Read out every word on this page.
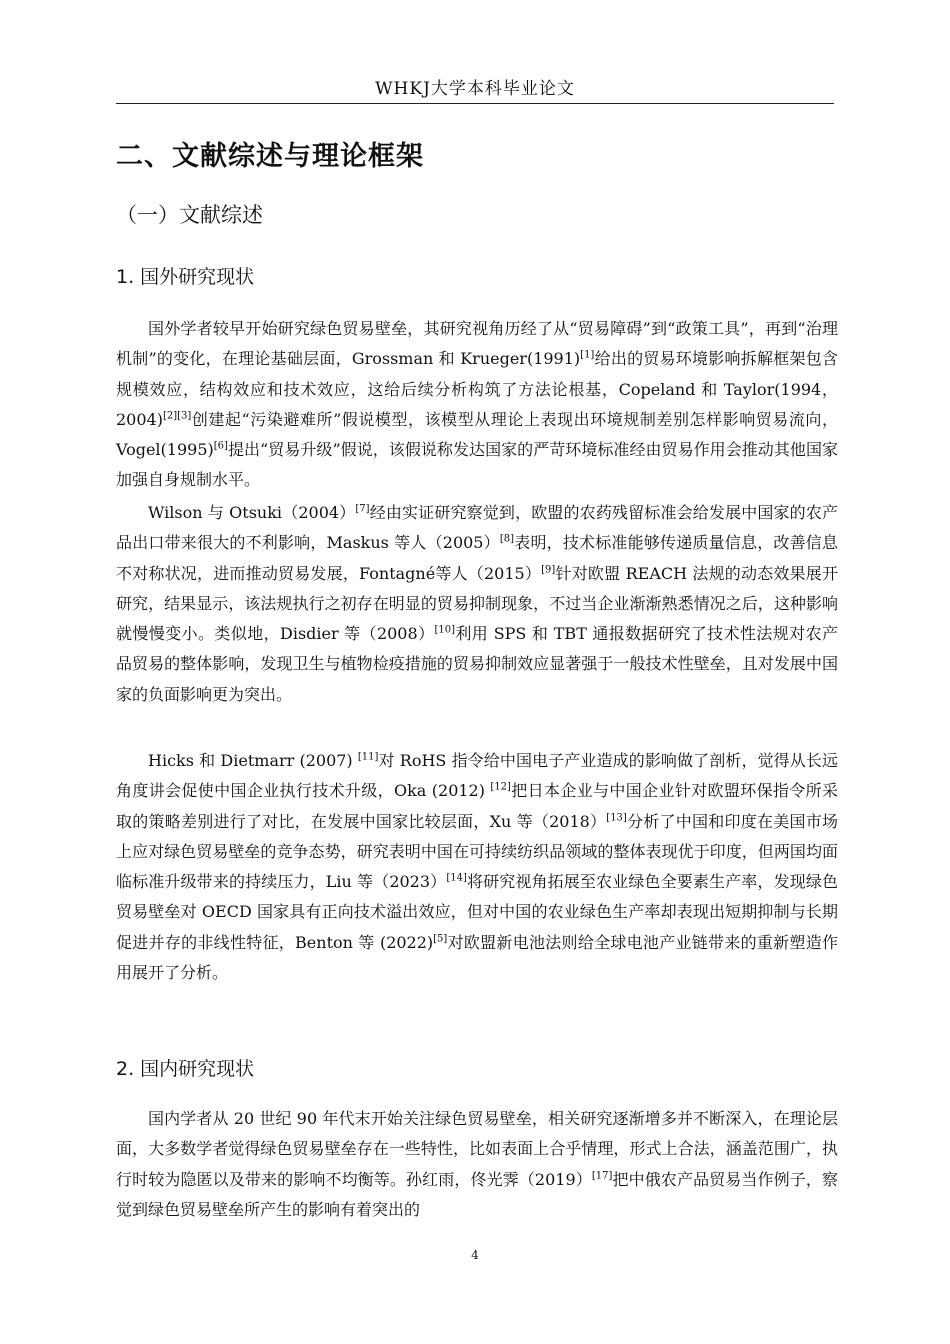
WHKJ大学本科毕业论文
二、文献综述与理论框架
（一）文献综述
1. 国外研究现状
国外学者较早开始研究绿色贸易壁垒，其研究视角历经了从“贸易障碍”到“政策工具”，再到“治理机制”的变化，在理论基础层面，Grossman 和 Krueger(1991)[1]给出的贸易环境影响拆解框架包含规模效应，结构效应和技术效应，这给后续分析构筑了方法论根基，Copeland 和 Taylor(1994，2004)[2][3]创建起“污染避难所”假说模型，该模型从理论上表现出环境规制差别怎样影响贸易流向，Vogel(1995)[6]提出“贸易升级”假说，该假说称发达国家的严苛环境标准经由贸易作用会推动其他国家加强自身规制水平。
Wilson 与 Otsuki（2004）[7]经由实证研究察觉到，欧盟的农药残留标准会给发展中国家的农产品出口带来很大的不利影响，Maskus 等人（2005）[8]表明，技术标准能够传递质量信息，改善信息不对称状况，进而推动贸易发展，Fontagné等人（2015）[9]针对欧盟 REACH 法规的动态效果展开研究，结果显示，该法规执行之初存在明显的贸易抑制现象，不过当企业渐渐熟悉情况之后，这种影响就慢慢变小。类似地，Disdier 等（2008）[10]利用 SPS 和 TBT 通报数据研究了技术性法规对农产品贸易的整体影响，发现卫生与植物检疫措施的贸易抑制效应显著强于一般技术性壁垒，且对发展中国家的负面影响更为突出。
Hicks 和 Dietmarr (2007) [11]对 RoHS 指令给中国电子产业造成的影响做了剖析，觉得从长远角度讲会促使中国企业执行技术升级，Oka (2012) [12]把日本企业与中国企业针对欧盟环保指令所采取的策略差别进行了对比，在发展中国家比较层面，Xu 等（2018）[13]分析了中国和印度在美国市场上应对绿色贸易壁垒的竞争态势，研究表明中国在可持续纺织品领域的整体表现优于印度，但两国均面临标准升级带来的持续压力，Liu 等（2023）[14]将研究视角拓展至农业绿色全要素生产率，发现绿色贸易壁垒对 OECD 国家具有正向技术溢出效应，但对中国的农业绿色生产率却表现出短期抑制与长期促进并存的非线性特征，Benton 等 (2022)[5]对欧盟新电池法则给全球电池产业链带来的重新塑造作用展开了分析。
2. 国内研究现状
国内学者从 20 世纪 90 年代末开始关注绿色贸易壁垒，相关研究逐渐增多并不断深入，在理论层面，大多数学者觉得绿色贸易壁垒存在一些特性，比如表面上合乎情理，形式上合法，涵盖范围广，执行时较为隐匿以及带来的影响不均衡等。孙红雨，佟光霁（2019）[17]把中俄农产品贸易当作例子，察觉到绿色贸易壁垒所产生的影响有着突出的
4
